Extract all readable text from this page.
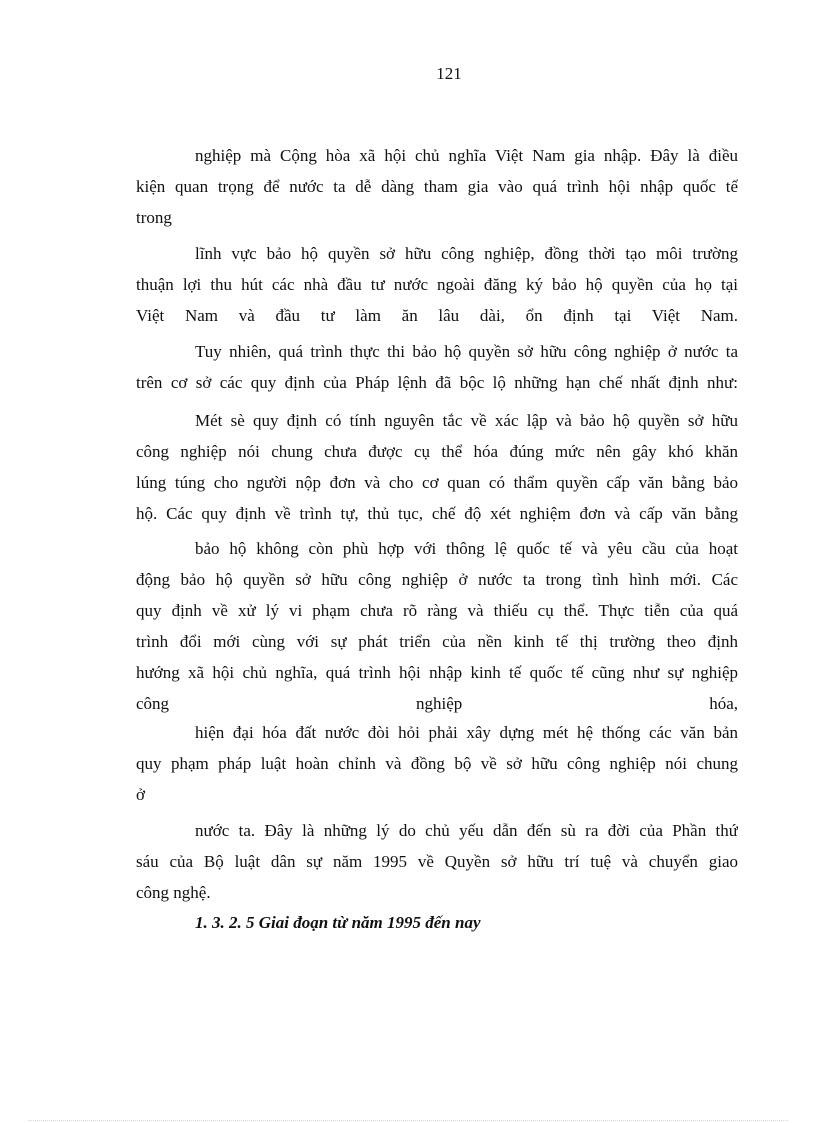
121
nghiệp mà Cộng hòa xã hội chủ nghĩa Việt Nam gia nhập. Đây là điều
kiện quan trọng để nước ta dễ dàng tham gia vào quá trình hội nhập quốc tế
trong
lĩnh vực bảo hộ quyền sở hữu công nghiệp, đồng thời tạo môi trường
thuận lợi thu hút các nhà đầu tư nước ngoài đăng ký bảo hộ quyền của họ tại
Việt Nam và đầu tư làm ăn lâu dài, ổn định tại Việt Nam.
Tuy nhiên, quá trình thực thi bảo hộ quyền sở hữu công nghiệp ở nước ta
trên cơ sở các quy định của Pháp lệnh đã bộc lộ những hạn chế nhất định như:
Mét sè quy định có tính nguyên tắc về xác lập và bảo hộ quyền sở hữu
công nghiệp nói chung chưa được cụ thể hóa đúng mức nên gây khó khăn
lúng túng cho người nộp đơn và cho cơ quan có thẩm quyền cấp văn bằng bảo
hộ. Các quy định về trình tự, thủ tục, chế độ xét nghiệm đơn và cấp văn bằng
bảo hộ không còn phù hợp với thông lệ quốc tế và yêu cầu của hoạt
động bảo hộ quyền sở hữu công nghiệp ở nước ta trong tình hình mới. Các
quy định về xử lý vi phạm chưa rõ ràng và thiếu cụ thể. Thực tiễn của quá
trình đổi mới cùng với sự phát triển của nền kinh tế thị trường theo định
hướng xã hội chủ nghĩa, quá trình hội nhập kinh tế quốc tế cũng như sự nghiệp
công nghiệp hóa,
hiện đại hóa đất nước đòi hỏi phải xây dựng mét hệ thống các văn bản
quy phạm pháp luật hoàn chỉnh và đồng bộ về sở hữu công nghiệp nói chung
ở
nước ta. Đây là những lý do chủ yếu dẫn đến sù ra đời của Phần thứ
sáu của Bộ luật dân sự năm 1995 về Quyền sở hữu trí tuệ và chuyển giao
công nghệ.
1. 3. 2. 5 Giai đoạn từ năm 1995 đến nay
